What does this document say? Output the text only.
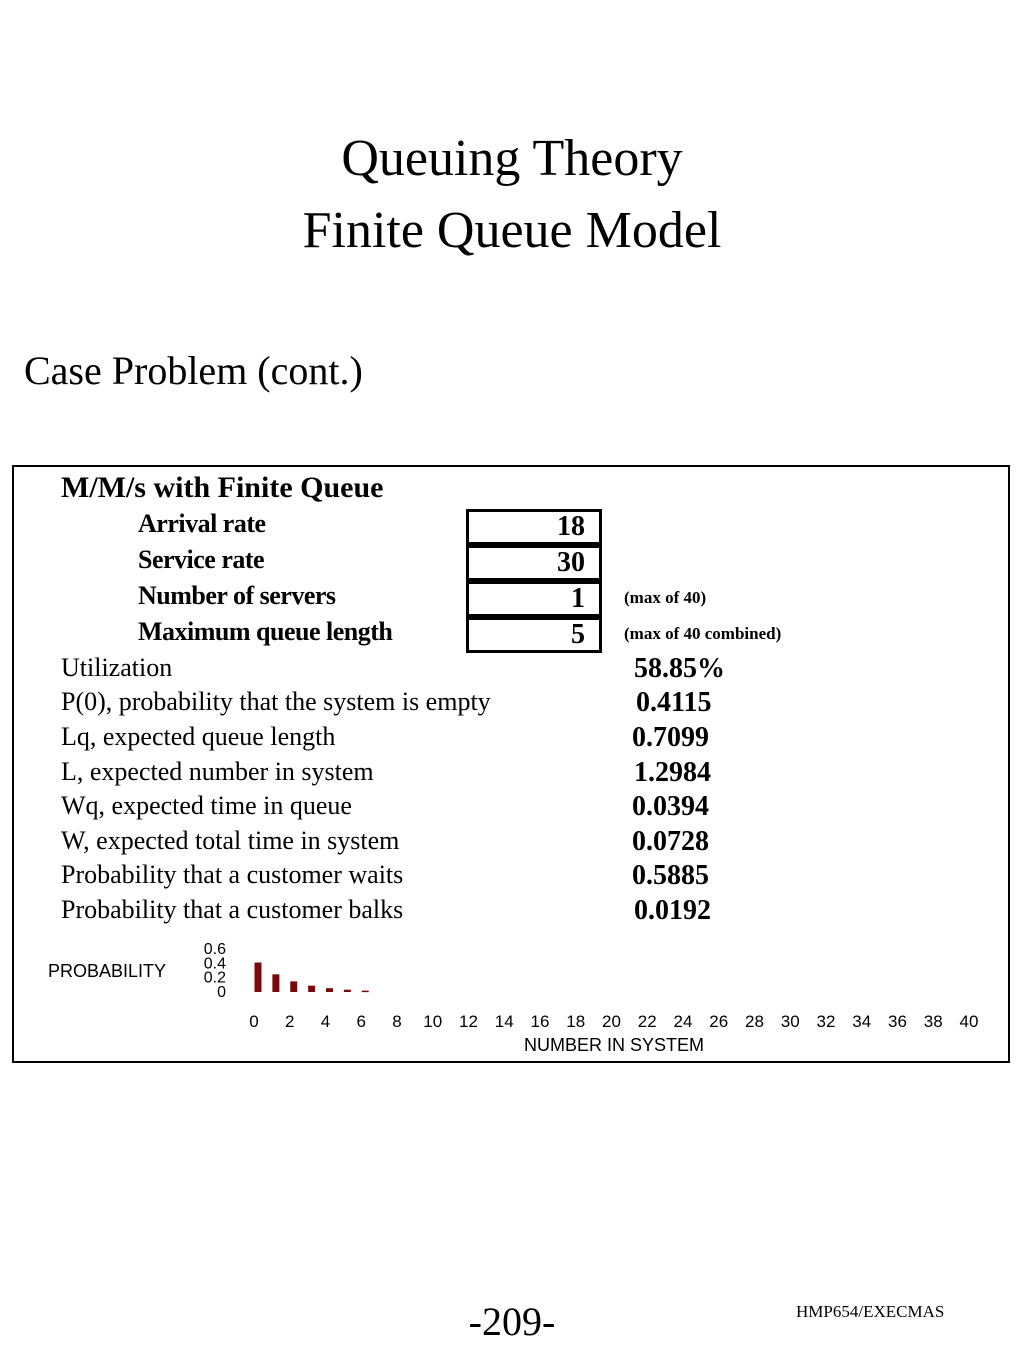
Queuing Theory
Finite Queue Model
Case Problem (cont.)
M/M/s with Finite Queue
Arrival rate	18
Service rate	30
Number of servers	1	(max of 40)
Maximum queue length	5	(max of 40 combined)
Utilization	58.85%
P(0), probability that the system is empty	0.4115
Lq, expected queue length	0.7099
L, expected number in system	1.2984
Wq, expected time in queue	0.0394
W, expected total time in system	0.0728
Probability that a customer waits	0.5885
Probability that a customer balks	0.0192
PROBABILITY
0.6
0.4
0.2
0
0 2 4 6 8 10 12 14 16 18 20 22 24 26 28 30 32 34 36 38 40
NUMBER IN SYSTEM
-209-	HMP654/EXECMAS
